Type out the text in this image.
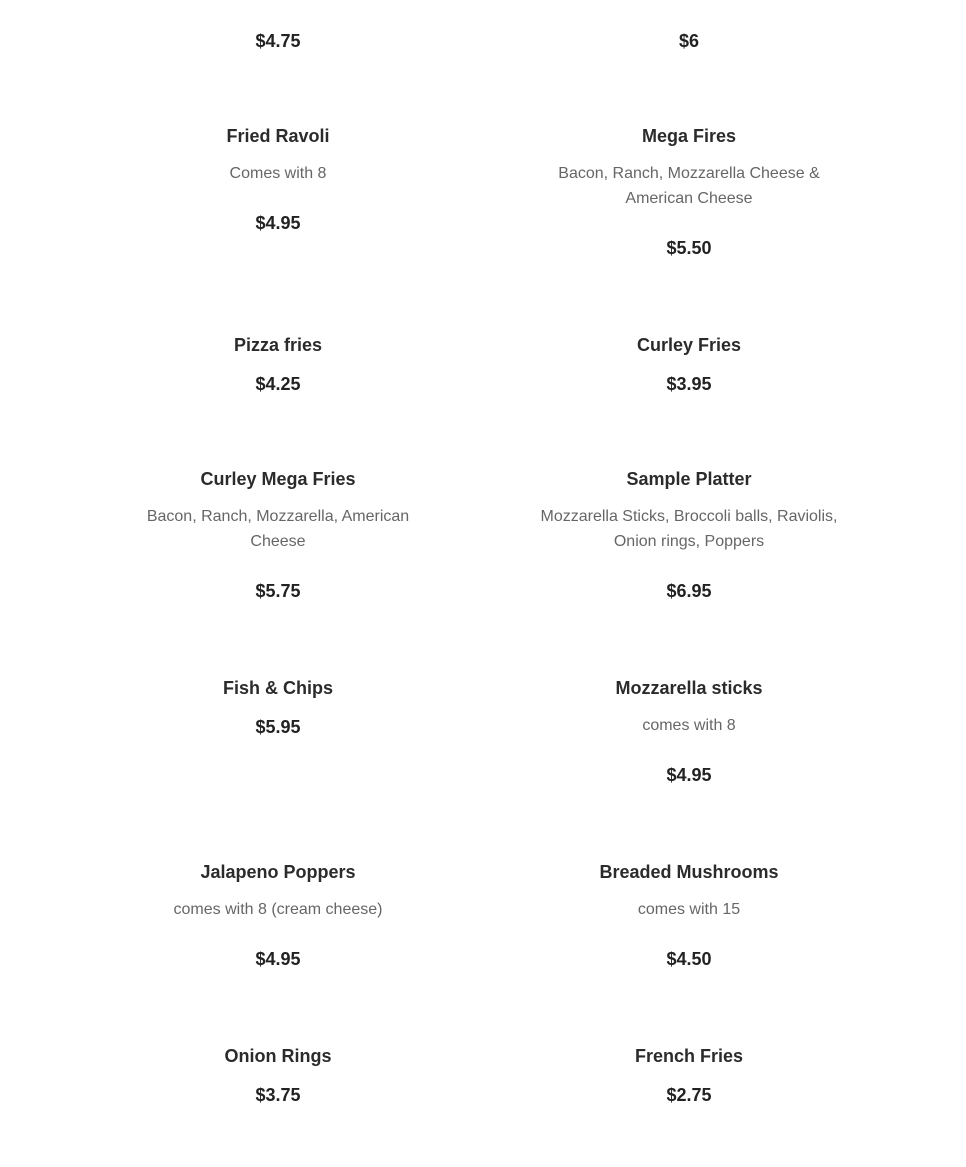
$4.75	$6

Fried Ravoli

Comes with 8

$4.95

Mega Fires

Bacon, Ranch, Mozzarella Cheese & American Cheese

$5.50

Pizza fries

$4.25

Curley Fries

$3.95

Curley Mega Fries

Bacon, Ranch, Mozzarella, American Cheese

$5.75

Sample Platter

Mozzarella Sticks, Broccoli balls, Raviolis, Onion rings, Poppers

$6.95

Fish & Chips

$5.95

Mozzarella sticks

comes with 8

$4.95

Jalapeno Poppers

comes with 8 (cream cheese)

$4.95

Breaded Mushrooms

comes with 15

$4.50

Onion Rings

$3.75

French Fries

$2.75
